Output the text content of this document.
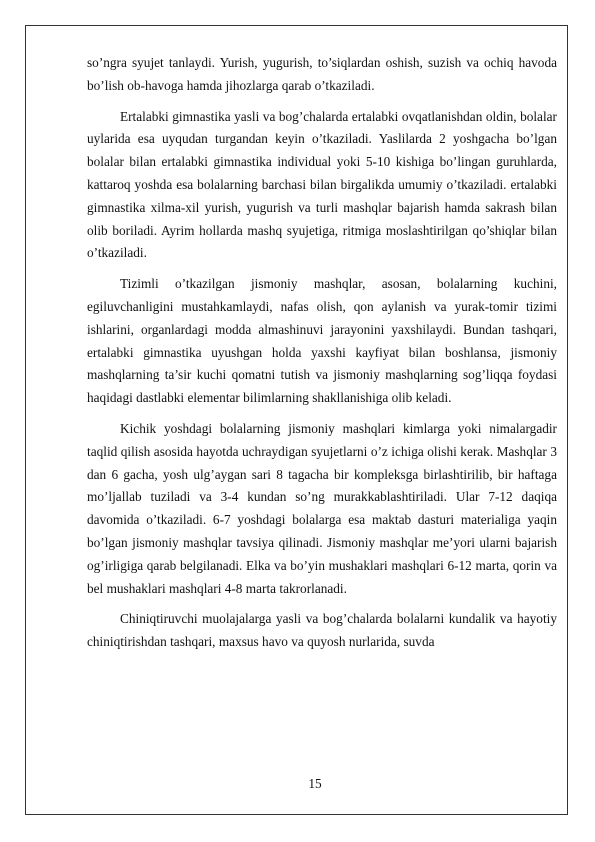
so’ngra syujet tanlaydi. Yurish, yugurish, to’siqlardan oshish, suzish va ochiq havoda bo’lish ob-havoga hamda jihozlarga qarab o’tkaziladi.

Ertalabki gimnastika yasli va bog’chalarda ertalabki ovqatlanishdan oldin, bolalar uylarida esa uyqudan turgandan keyin o’tkaziladi. Yaslilarda 2 yoshgacha bo’lgan bolalar bilan ertalabki gimnastika individual yoki 5-10 kishiga bo’lingan guruhlarda, kattaroq yoshda esa bolalarning barchasi bilan birgalikda umumiy o’tkaziladi. ertalabki gimnastika xilma-xil yurish, yugurish va turli mashqlar bajarish hamda sakrash bilan olib boriladi. Ayrim hollarda mashq syujetiga, ritmiga moslashtirilgan qo’shiqlar bilan o’tkaziladi.

Tizimli o’tkazilgan jismoniy mashqlar, asosan, bolalarning kuchini, egiluvchanligini mustahkamlaydi, nafas olish, qon aylanish va yurak-tomir tizimi ishlarini, organlardagi modda almashinuvi jarayonini yaxshilaydi. Bundan tashqari, ertalabki gimnastika uyushgan holda yaxshi kayfiyat bilan boshlansa, jismoniy mashqlarning ta’sir kuchi qomatni tutish va jismoniy mashqlarning sog’liqqa foydasi haqidagi dastlabki elementar bilimlarning shakllanishiga olib keladi.

Kichik yoshdagi bolalarning jismoniy mashqlari kimlarga yoki nimalargadir taqlid qilish asosida hayotda uchraydigan syujetlarni o’z ichiga olishi kerak. Mashqlar 3 dan 6 gacha, yosh ulg’aygan sari 8 tagacha bir kompleksga birlashtirilib, bir haftaga mo’ljallab tuziladi va 3-4 kundan so’ng murakkablashtiriladi. Ular 7-12 daqiqa davomida o’tkaziladi. 6-7 yoshdagi bolalarga esa maktab dasturi materialiga yaqin bo’lgan jismoniy mashqlar tavsiya qilinadi. Jismoniy mashqlar me’yori ularni bajarish og’irligiga qarab belgilanadi. Elka va bo’yin mushaklari mashqlari 6-12 marta, qorin va bel mushaklari mashqlari 4-8 marta takrorlanadi.

Chiniqtiruvchi muolajalarga yasli va bog’chalarda bolalarni kundalik va hayotiy chiniqtirishdan tashqari, maxsus havo va quyosh nurlarida, suvda

15
